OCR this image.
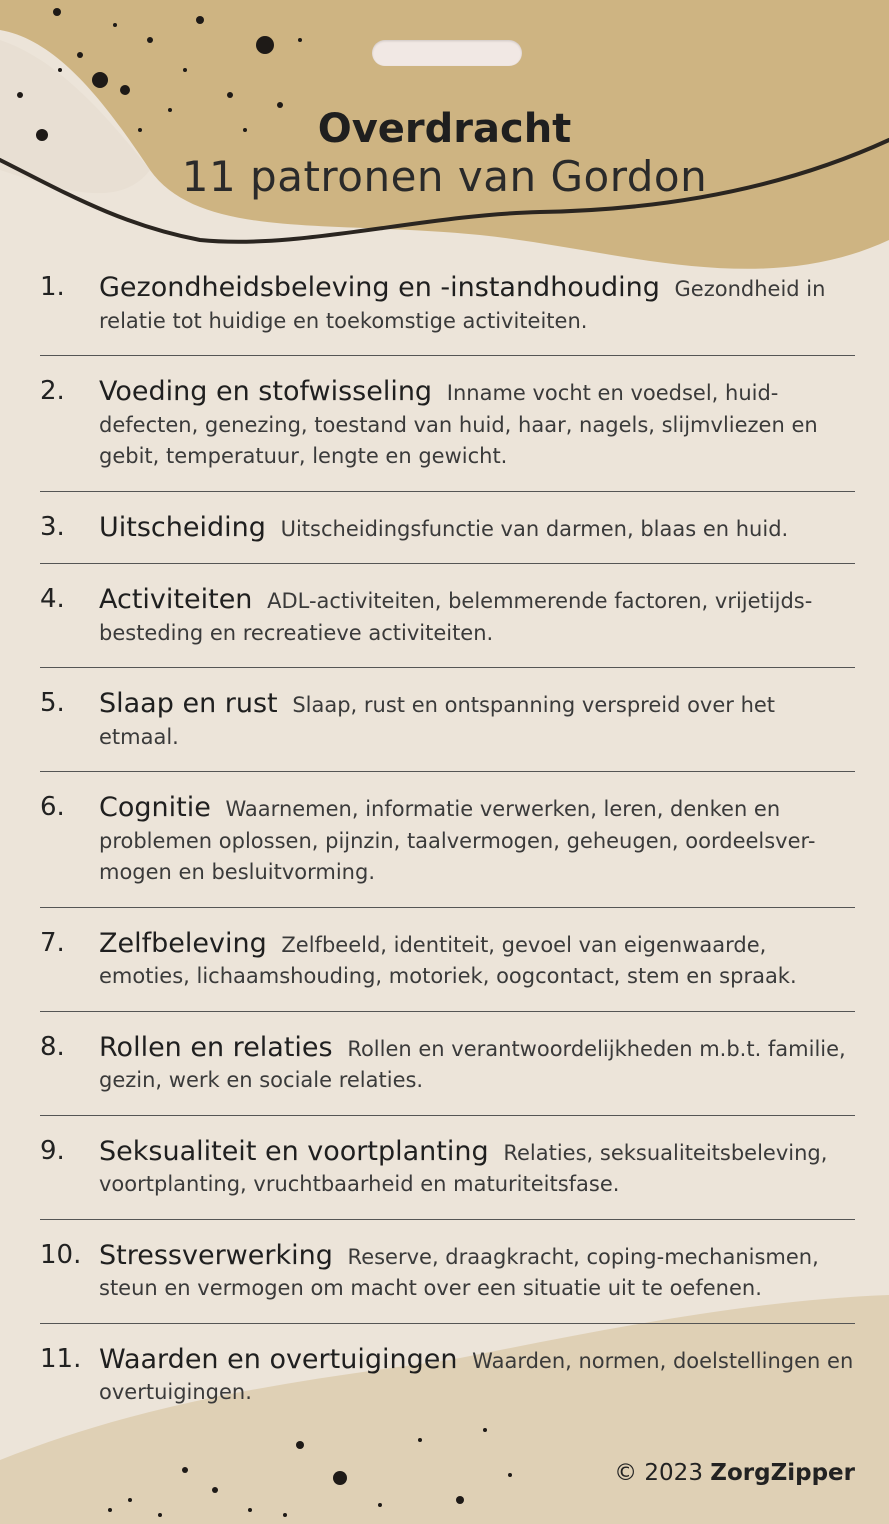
Overdracht
11 patronen van Gordon
1. Gezondheidsbeleving en -instandhouding Gezondheid in relatie tot huidige en toekomstige activiteiten.
2. Voeding en stofwisseling Inname vocht en voedsel, huid-defecten, genezing, toestand van huid, haar, nagels, slijmvliezen en gebit, temperatuur, lengte en gewicht.
3. Uitscheiding Uitscheidingsfunctie van darmen, blaas en huid.
4. Activiteiten ADL-activiteiten, belemmerende factoren, vrijetijds-besteding en recreatieve activiteiten.
5. Slaap en rust Slaap, rust en ontspanning verspreid over het etmaal.
6. Cognitie Waarnemen, informatie verwerken, leren, denken en problemen oplossen, pijnzin, taalvermogen, geheugen, oordeelsver-mogen en besluitvorming.
7. Zelfbeleving Zelfbeeld, identiteit, gevoel van eigenwaarde, emoties, lichaamshouding, motoriek, oogcontact, stem en spraak.
8. Rollen en relaties Rollen en verantwoordelijkheden m.b.t. familie, gezin, werk en sociale relaties.
9. Seksualiteit en voortplanting Relaties, seksualiteitsbeleving, voortplanting, vruchtbaarheid en maturiteitsfase.
10. Stressverwerking Reserve, draagkracht, coping-mechanismen, steun en vermogen om macht over een situatie uit te oefenen.
11. Waarden en overtuigingen Waarden, normen, doelstellingen en overtuigingen.
© 2023 ZorgZipper
